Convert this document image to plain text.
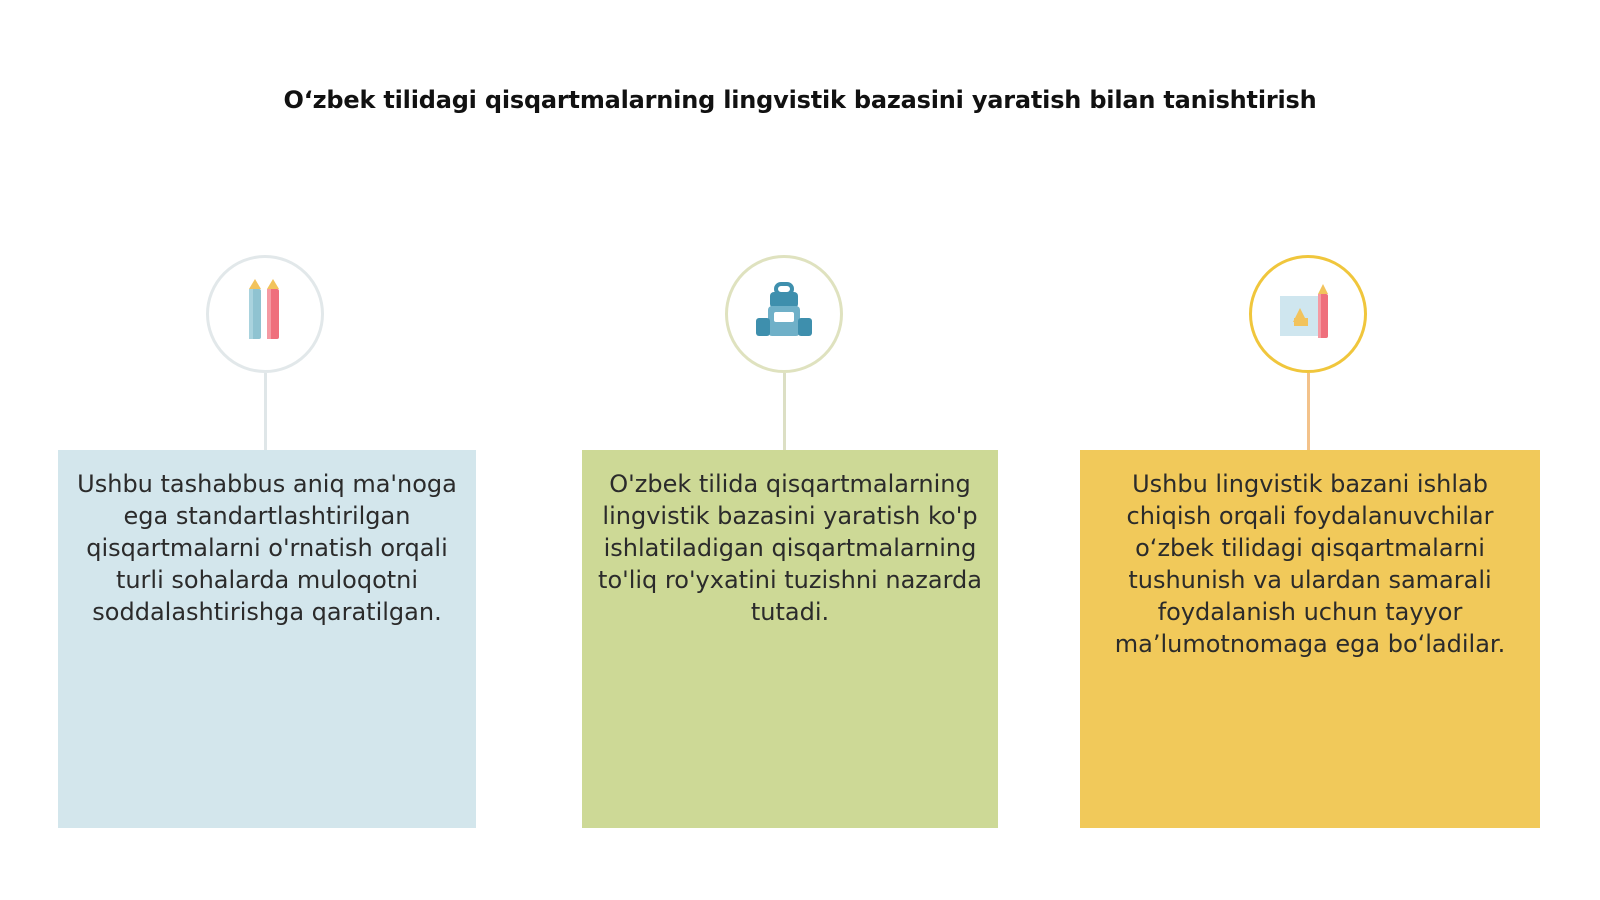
O‘zbek tilidagi qisqartmalarning lingvistik bazasini yaratish bilan tanishtirish
Ushbu tashabbus aniq ma'noga ega standartlashtirilgan qisqartmalarni o'rnatish orqali turli sohalarda muloqotni soddalashtirishga qaratilgan.
O'zbek tilida qisqartmalarning lingvistik bazasini yaratish ko'p ishlatiladigan qisqartmalarning to'liq ro'yxatini tuzishni nazarda tutadi.
Ushbu lingvistik bazani ishlab chiqish orqali foydalanuvchilar o‘zbek tilidagi qisqartmalarni tushunish va ulardan samarali foydalanish uchun tayyor ma’lumotnomaga ega bo‘ladilar.
